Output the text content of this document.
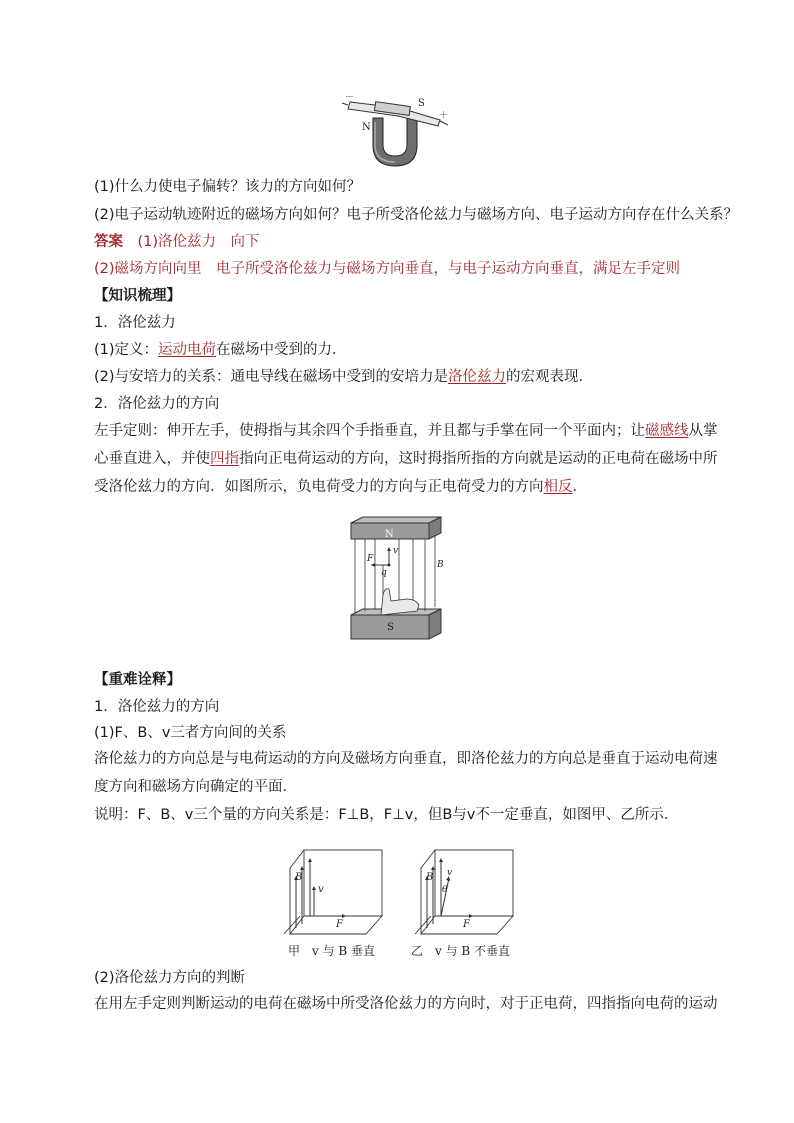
－	S
＋
N
(1)什么力使电子偏转？该力的方向如何？
(2)电子运动轨迹附近的磁场方向如何？电子所受洛伦兹力与磁场方向、电子运动方向存在什么关系？
答案　 (1)洛伦兹力　向下
(2)磁场方向向里　电子所受洛伦兹力与磁场方向垂直，与电子运动方向垂直，满足左手定则
【知识梳理】
1．洛伦兹力
(1)定义：运动电荷在磁场中受到的力．
(2)与安培力的关系：通电导线在磁场中受到的安培力是洛伦兹力的宏观表现．
2．洛伦兹力的方向
左手定则：伸开左手，使拇指与其余四个手指垂直，并且都与手掌在同一个平面内；让磁感线从掌
心垂直进入，并使四指指向正电荷运动的方向，这时拇指所指的方向就是运动的正电荷在磁场中所
受洛伦兹力的方向．如图所示，负电荷受力的方向与正电荷受力的方向相反．
N
S
F
v
q
B
【重难诠释】
1．洛伦兹力的方向
(1)F、B、v三者方向间的关系
洛伦兹力的方向总是与电荷运动的方向及磁场方向垂直，即洛伦兹力的方向总是垂直于运动电荷速
度方向和磁场方向确定的平面．
说明：F、B、v三个量的方向关系是：F⊥B，F⊥v，但B与v不一定垂直，如图甲、乙所示．
B
v
F
甲　v 与 B 垂直
B v
θ
F
乙　v 与 B 不垂直
(2)洛伦兹力方向的判断
在用左手定则判断运动的电荷在磁场中所受洛伦兹力的方向时，对于正电荷，四指指向电荷的运动
